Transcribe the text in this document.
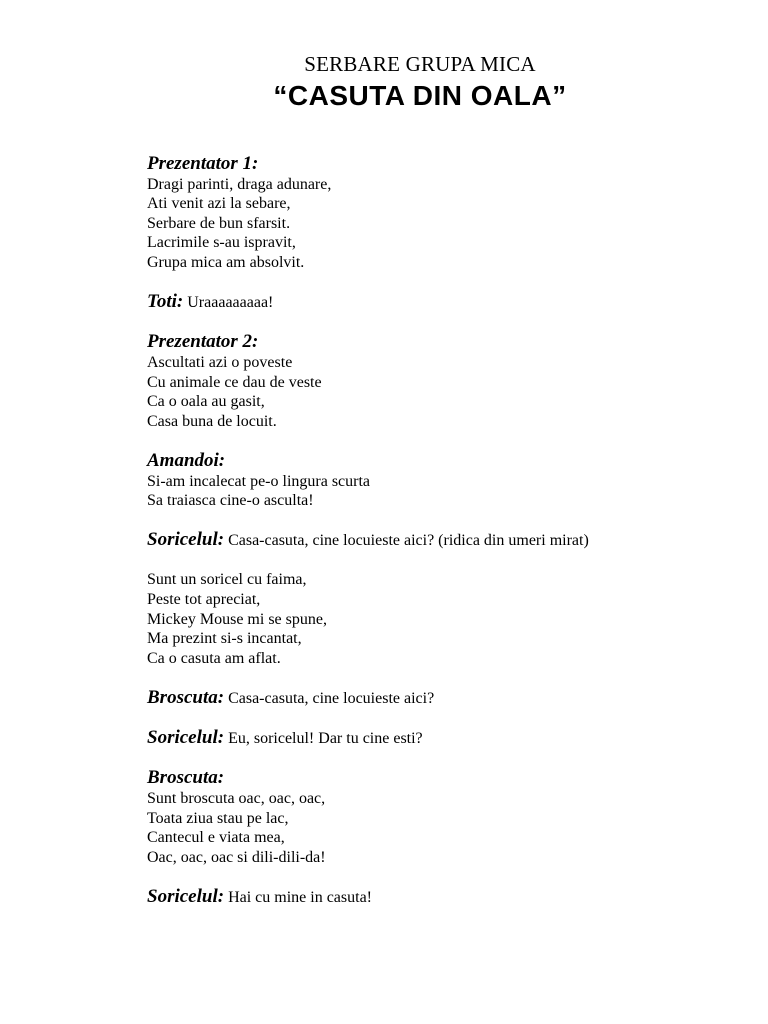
SERBARE GRUPA MICA
“CASUTA DIN OALA”
Prezentator 1:
Dragi parinti, draga adunare,
Ati venit azi la sebare,
Serbare de bun sfarsit.
Lacrimile s-au ispravit,
Grupa mica am absolvit.
Toti: Uraaaaaaaaa!
Prezentator 2:
Ascultati azi o poveste
Cu animale ce dau de veste
Ca o oala au gasit,
Casa buna de locuit.
Amandoi:
Si-am incalecat pe-o lingura scurta
Sa traiasca cine-o asculta!
Soricelul: Casa-casuta, cine locuieste aici? (ridica din umeri mirat)
Sunt un soricel cu faima,
Peste tot apreciat,
Mickey Mouse mi se spune,
Ma prezint si-s incantat,
Ca o casuta am aflat.
Broscuta: Casa-casuta, cine locuieste aici?
Soricelul: Eu, soricelul! Dar tu cine esti?
Broscuta:
Sunt broscuta oac, oac, oac,
Toata ziua stau pe lac,
Cantecul e viata mea,
Oac, oac, oac si dili-dili-da!
Soricelul: Hai cu mine in casuta!
